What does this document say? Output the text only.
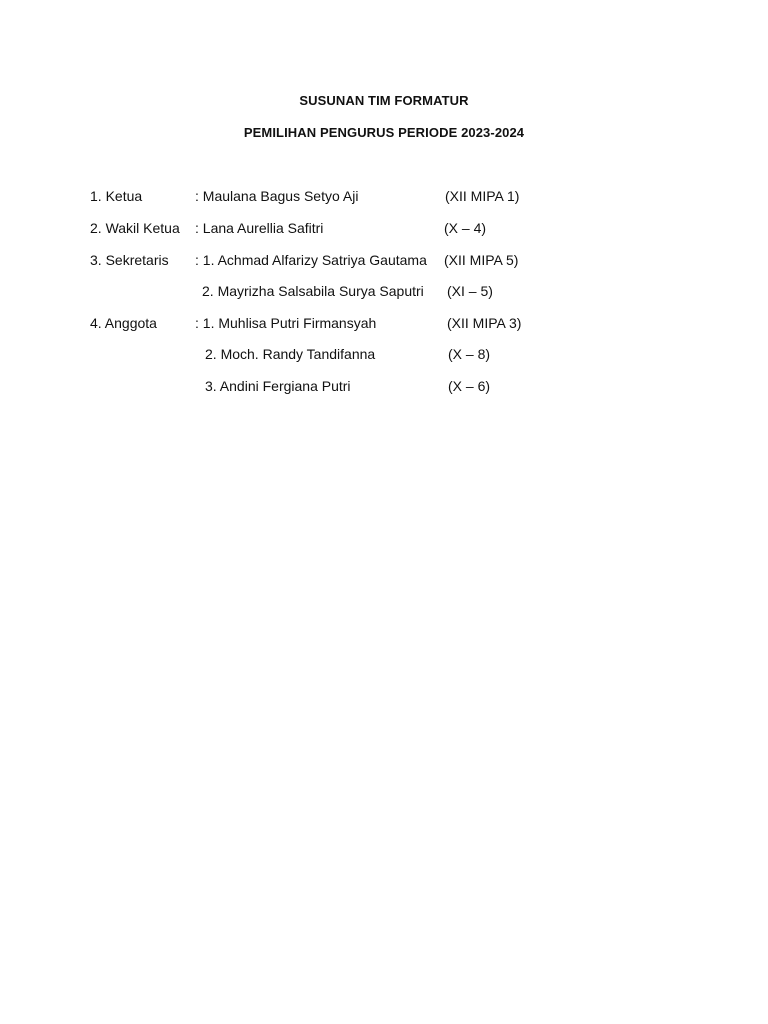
SUSUNAN TIM FORMATUR
PEMILIHAN PENGURUS PERIODE 2023-2024
1. Ketua	: Maulana Bagus Setyo Aji	(XII MIPA 1)
2. Wakil Ketua : Lana Aurellia Safitri	(X – 4)
3. Sekretaris : 1. Achmad Alfarizy Satriya Gautama (XII MIPA 5)
2. Mayrizha Salsabila Surya Saputri (XI – 5)
4. Anggota	: 1. Muhlisa Putri Firmansyah	(XII MIPA 3)
2. Moch. Randy Tandifanna	(X – 8)
3. Andini Fergiana Putri	(X – 6)
